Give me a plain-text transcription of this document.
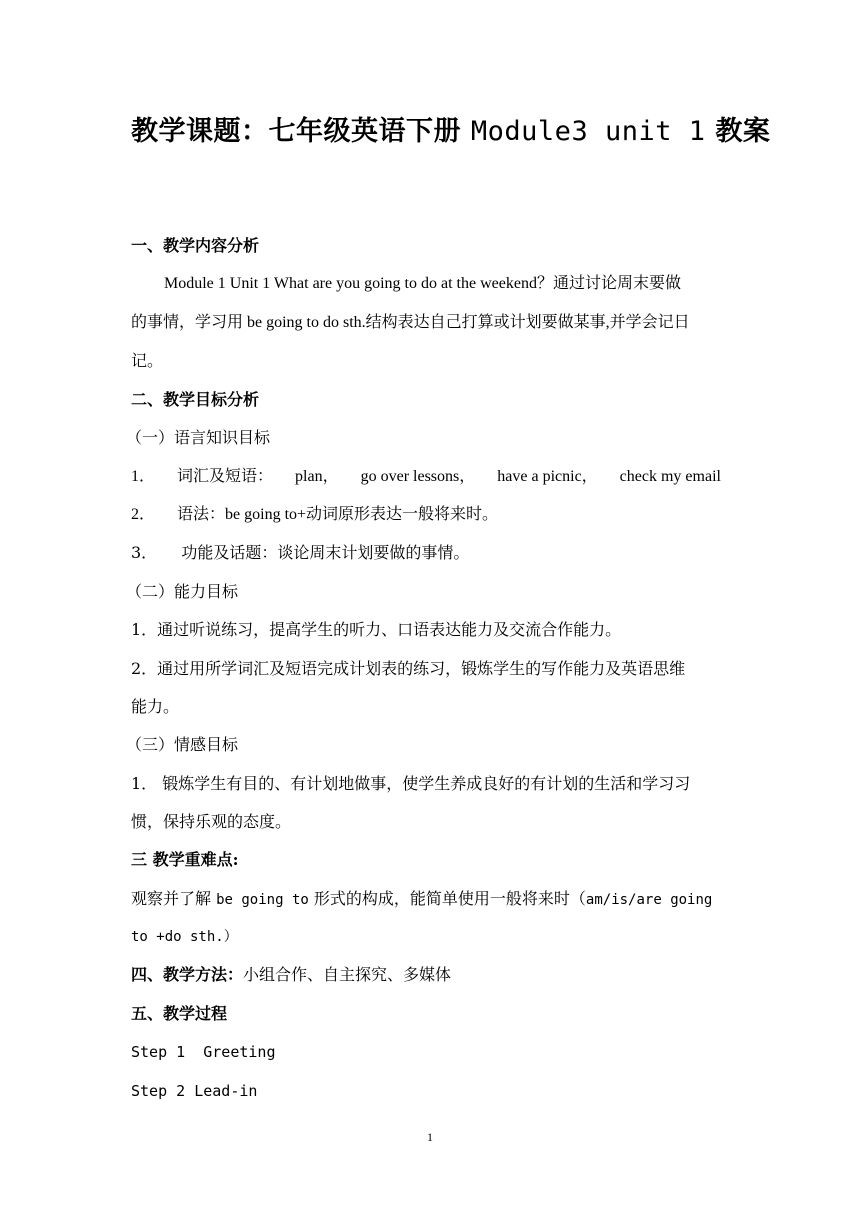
教学课题：七年级英语下册 Module3 unit 1 教案
一、教学内容分析
Module 1 Unit 1 What are you going to do at the weekend？通过讨论周末要做
的事情，学习用 be going to do sth.结构表达自己打算或计划要做某事,并学会记日
记。
二、教学目标分析
（一）语言知识目标
1． 词汇及短语： plan， go over lessons， have a picnic， check my email
2． 语法：be going to+动词原形表达一般将来时。
3． 功能及话题：谈论周末计划要做的事情。
（二）能力目标
1．通过听说练习，提高学生的听力、口语表达能力及交流合作能力。
2．通过用所学词汇及短语完成计划表的练习，锻炼学生的写作能力及英语思维
能力。
（三）情感目标
1． 锻炼学生有目的、有计划地做事，使学生养成良好的有计划的生活和学习习
惯，保持乐观的态度。
三 教学重难点:
观察并了解 be going to 形式的构成，能简单使用一般将来时（am/is/are going
to +do sth.）
四、教学方法：小组合作、自主探究、多媒体
五、教学过程
Step 1  Greeting
Step 2 Lead-in
1
